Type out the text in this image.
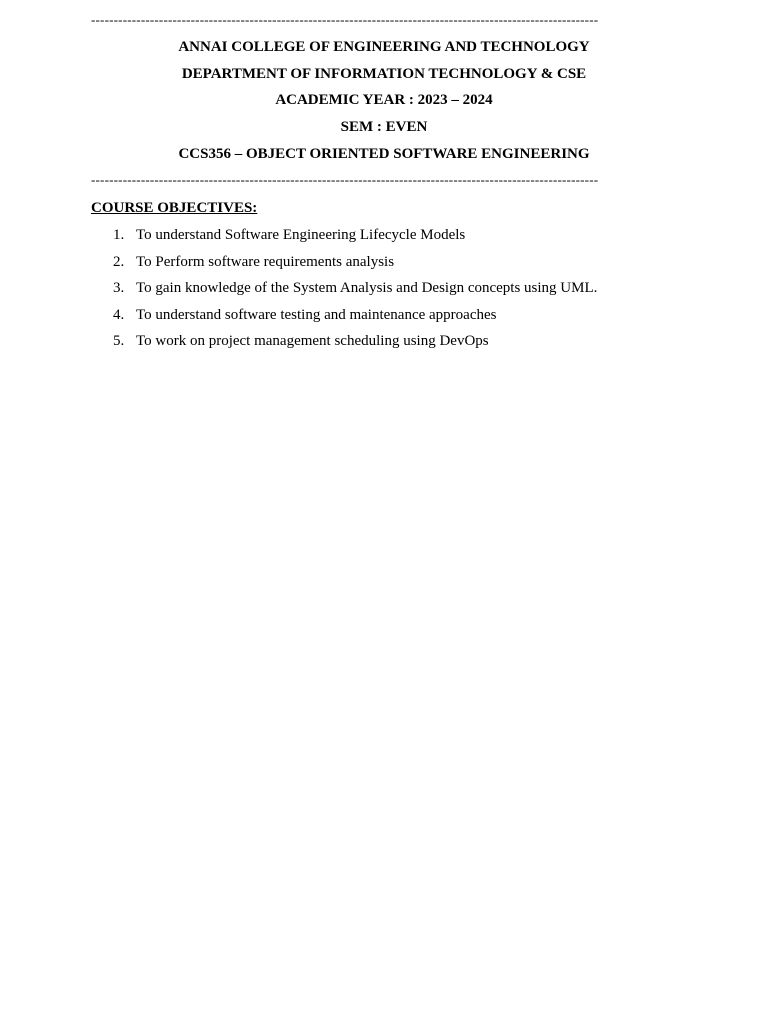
----------------------------------------------------------------------------------------------------------------
ANNAI COLLEGE OF ENGINEERING AND TECHNOLOGY
DEPARTMENT OF INFORMATION TECHNOLOGY & CSE
ACADEMIC YEAR : 2023 – 2024
SEM : EVEN
CCS356 – OBJECT ORIENTED SOFTWARE ENGINEERING
----------------------------------------------------------------------------------------------------------------
COURSE OBJECTIVES:
1. To understand Software Engineering Lifecycle Models
2. To Perform software requirements analysis
3. To gain knowledge of the System Analysis and Design concepts using UML.
4. To understand software testing and maintenance approaches
5. To work on project management scheduling using DevOps
